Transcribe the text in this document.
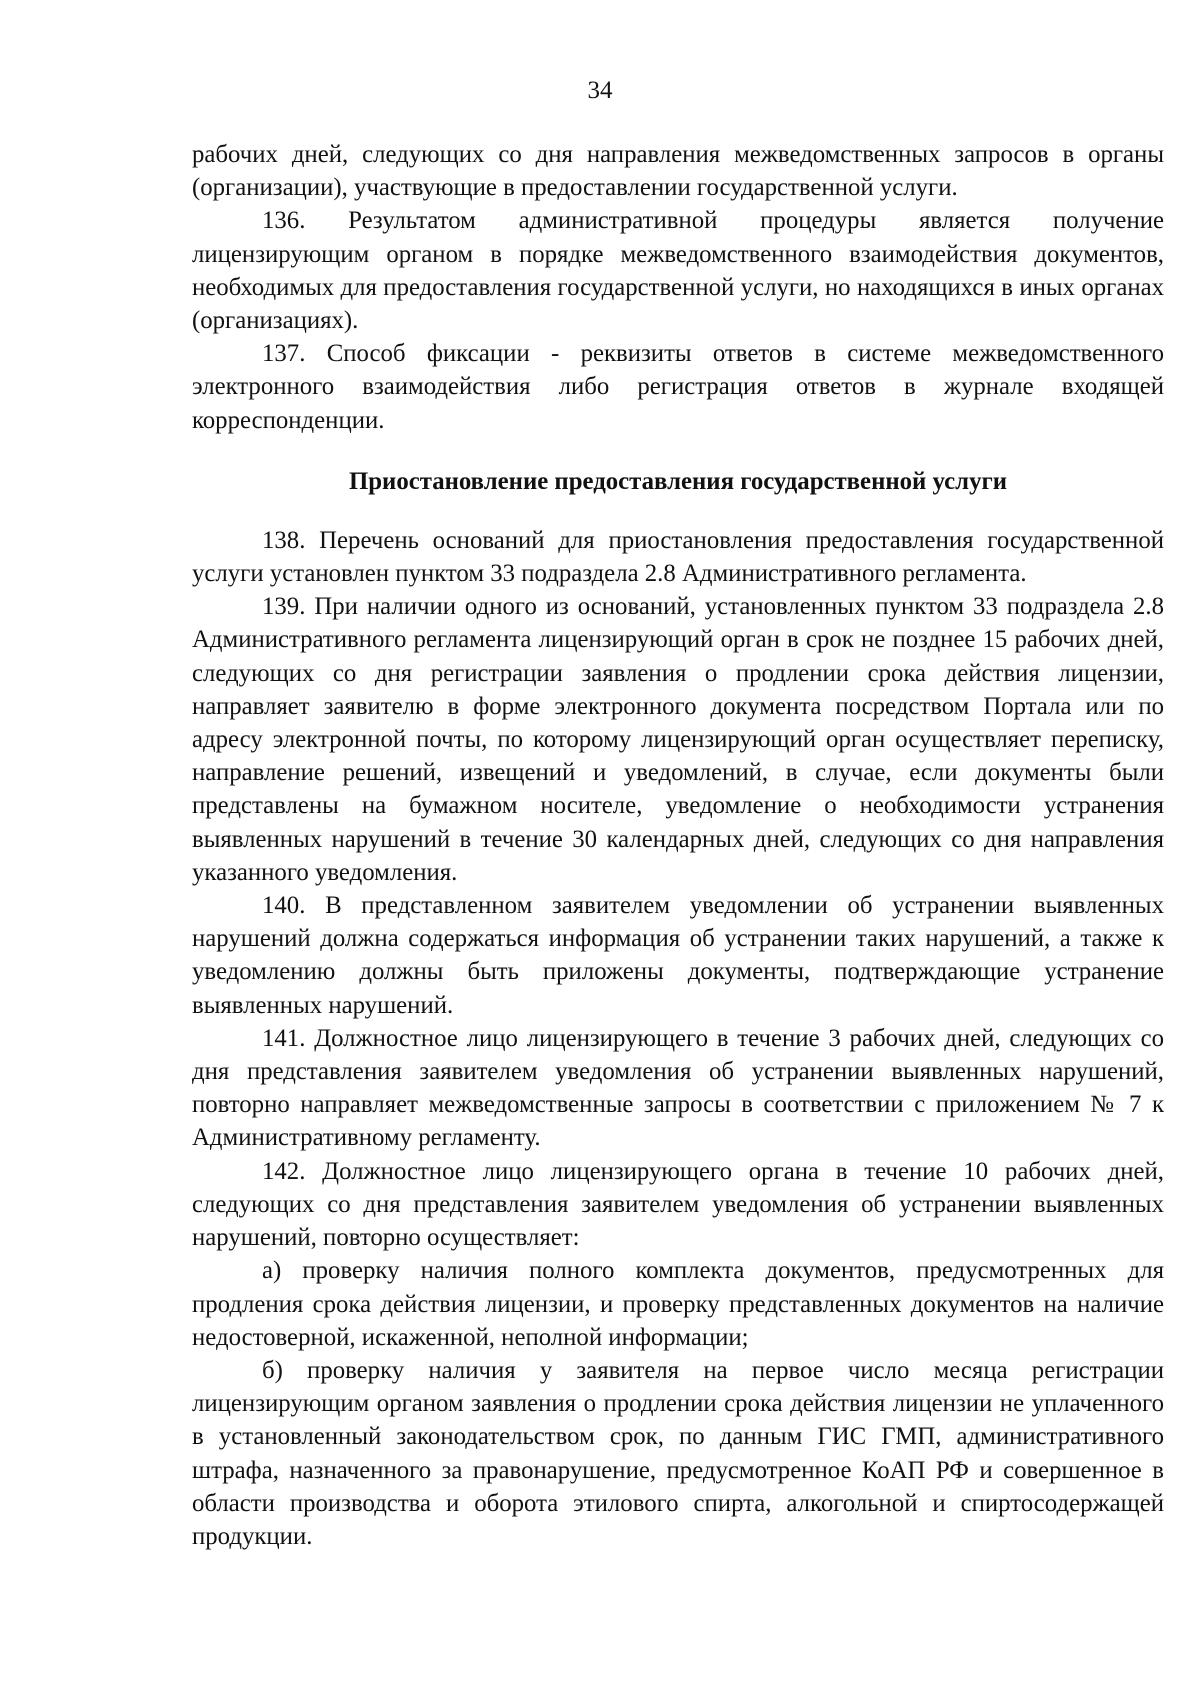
34

рабочих дней, следующих со дня направления межведомственных запросов в органы (организации), участвующие в предоставлении государственной услуги.

136. Результатом административной процедуры является получение лицензирующим органом в порядке межведомственного взаимодействия документов, необходимых для предоставления государственной услуги, но находящихся в иных органах (организациях).

137. Способ фиксации - реквизиты ответов в системе межведомственного электронного взаимодействия либо регистрация ответов в журнале входящей корреспонденции.

Приостановление предоставления государственной услуги

138. Перечень оснований для приостановления предоставления государственной услуги установлен пунктом 33 подраздела 2.8 Административного регламента.

139. При наличии одного из оснований, установленных пунктом 33 подраздела 2.8 Административного регламента лицензирующий орган в срок не позднее 15 рабочих дней, следующих со дня регистрации заявления о продлении срока действия лицензии, направляет заявителю в форме электронного документа посредством Портала или по адресу электронной почты, по которому лицензирующий орган осуществляет переписку, направление решений, извещений и уведомлений, в случае, если документы были представлены на бумажном носителе, уведомление о необходимости устранения выявленных нарушений в течение 30 календарных дней, следующих со дня направления указанного уведомления.

140. В представленном заявителем уведомлении об устранении выявленных нарушений должна содержаться информация об устранении таких нарушений, а также к уведомлению должны быть приложены документы, подтверждающие устранение выявленных нарушений.

141. Должностное лицо лицензирующего в течение 3 рабочих дней, следующих со дня представления заявителем уведомления об устранении выявленных нарушений, повторно направляет межведомственные запросы в соответствии с приложением № 7 к Административному регламенту.

142. Должностное лицо лицензирующего органа в течение 10 рабочих дней, следующих со дня представления заявителем уведомления об устранении выявленных нарушений, повторно осуществляет:

а) проверку наличия полного комплекта документов, предусмотренных для продления срока действия лицензии, и проверку представленных документов на наличие недостоверной, искаженной, неполной информации;

б) проверку наличия у заявителя на первое число месяца регистрации лицензирующим органом заявления о продлении срока действия лицензии не уплаченного в установленный законодательством срок, по данным ГИС ГМП, административного штрафа, назначенного за правонарушение, предусмотренное КоАП РФ и совершенное в области производства и оборота этилового спирта, алкогольной и спиртосодержащей продукции.
